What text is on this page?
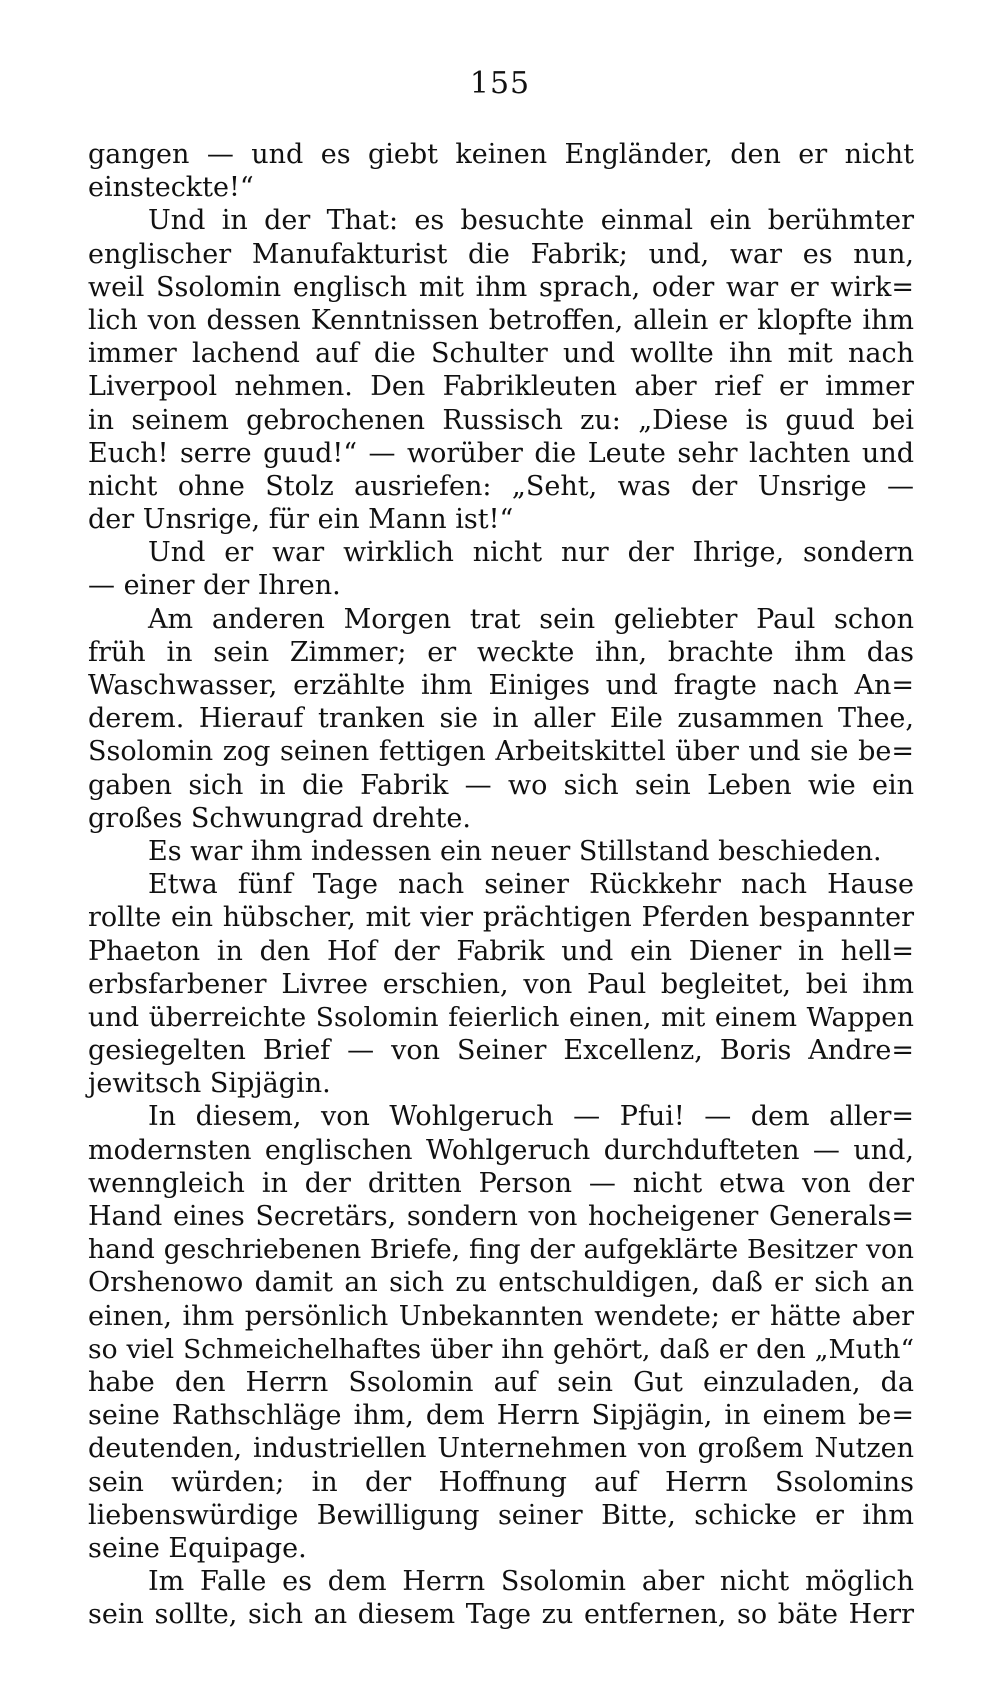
155
gangen — und es giebt keinen Engländer, den er nicht
einsteckte!“
Und in der That: es besuchte einmal ein berühmter
englischer Manufakturist die Fabrik; und, war es nun,
weil Ssolomin englisch mit ihm sprach, oder war er wirk=
lich von dessen Kenntnissen betroffen, allein er klopfte ihm
immer lachend auf die Schulter und wollte ihn mit nach
Liverpool nehmen. Den Fabrikleuten aber rief er immer
in seinem gebrochenen Russisch zu: „Diese is guud bei
Euch! serre guud!“ — worüber die Leute sehr lachten und
nicht ohne Stolz ausriefen: „Seht, was der Unsrige —
der Unsrige, für ein Mann ist!“
Und er war wirklich nicht nur der Ihrige, sondern
— einer der Ihren.
Am anderen Morgen trat sein geliebter Paul schon
früh in sein Zimmer; er weckte ihn, brachte ihm das
Waschwasser, erzählte ihm Einiges und fragte nach An=
derem. Hierauf tranken sie in aller Eile zusammen Thee,
Ssolomin zog seinen fettigen Arbeitskittel über und sie be=
gaben sich in die Fabrik — wo sich sein Leben wie ein
großes Schwungrad drehte.
Es war ihm indessen ein neuer Stillstand beschieden.
Etwa fünf Tage nach seiner Rückkehr nach Hause
rollte ein hübscher, mit vier prächtigen Pferden bespannter
Phaeton in den Hof der Fabrik und ein Diener in hell=
erbsfarbener Livree erschien, von Paul begleitet, bei ihm
und überreichte Ssolomin feierlich einen, mit einem Wappen
gesiegelten Brief — von Seiner Excellenz, Boris Andre=
jewitsch Sipjägin.
In diesem, von Wohlgeruch — Pfui! — dem aller=
modernsten englischen Wohlgeruch durchdufteten — und,
wenngleich in der dritten Person — nicht etwa von der
Hand eines Secretärs, sondern von hocheigener Generals=
hand geschriebenen Briefe, fing der aufgeklärte Besitzer von
Orshenowo damit an sich zu entschuldigen, daß er sich an
einen, ihm persönlich Unbekannten wendete; er hätte aber
so viel Schmeichelhaftes über ihn gehört, daß er den „Muth“
habe den Herrn Ssolomin auf sein Gut einzuladen, da
seine Rathschläge ihm, dem Herrn Sipjägin, in einem be=
deutenden, industriellen Unternehmen von großem Nutzen
sein würden; in der Hoffnung auf Herrn Ssolomins
liebenswürdige Bewilligung seiner Bitte, schicke er ihm
seine Equipage.
Im Falle es dem Herrn Ssolomin aber nicht möglich
sein sollte, sich an diesem Tage zu entfernen, so bäte Herr
